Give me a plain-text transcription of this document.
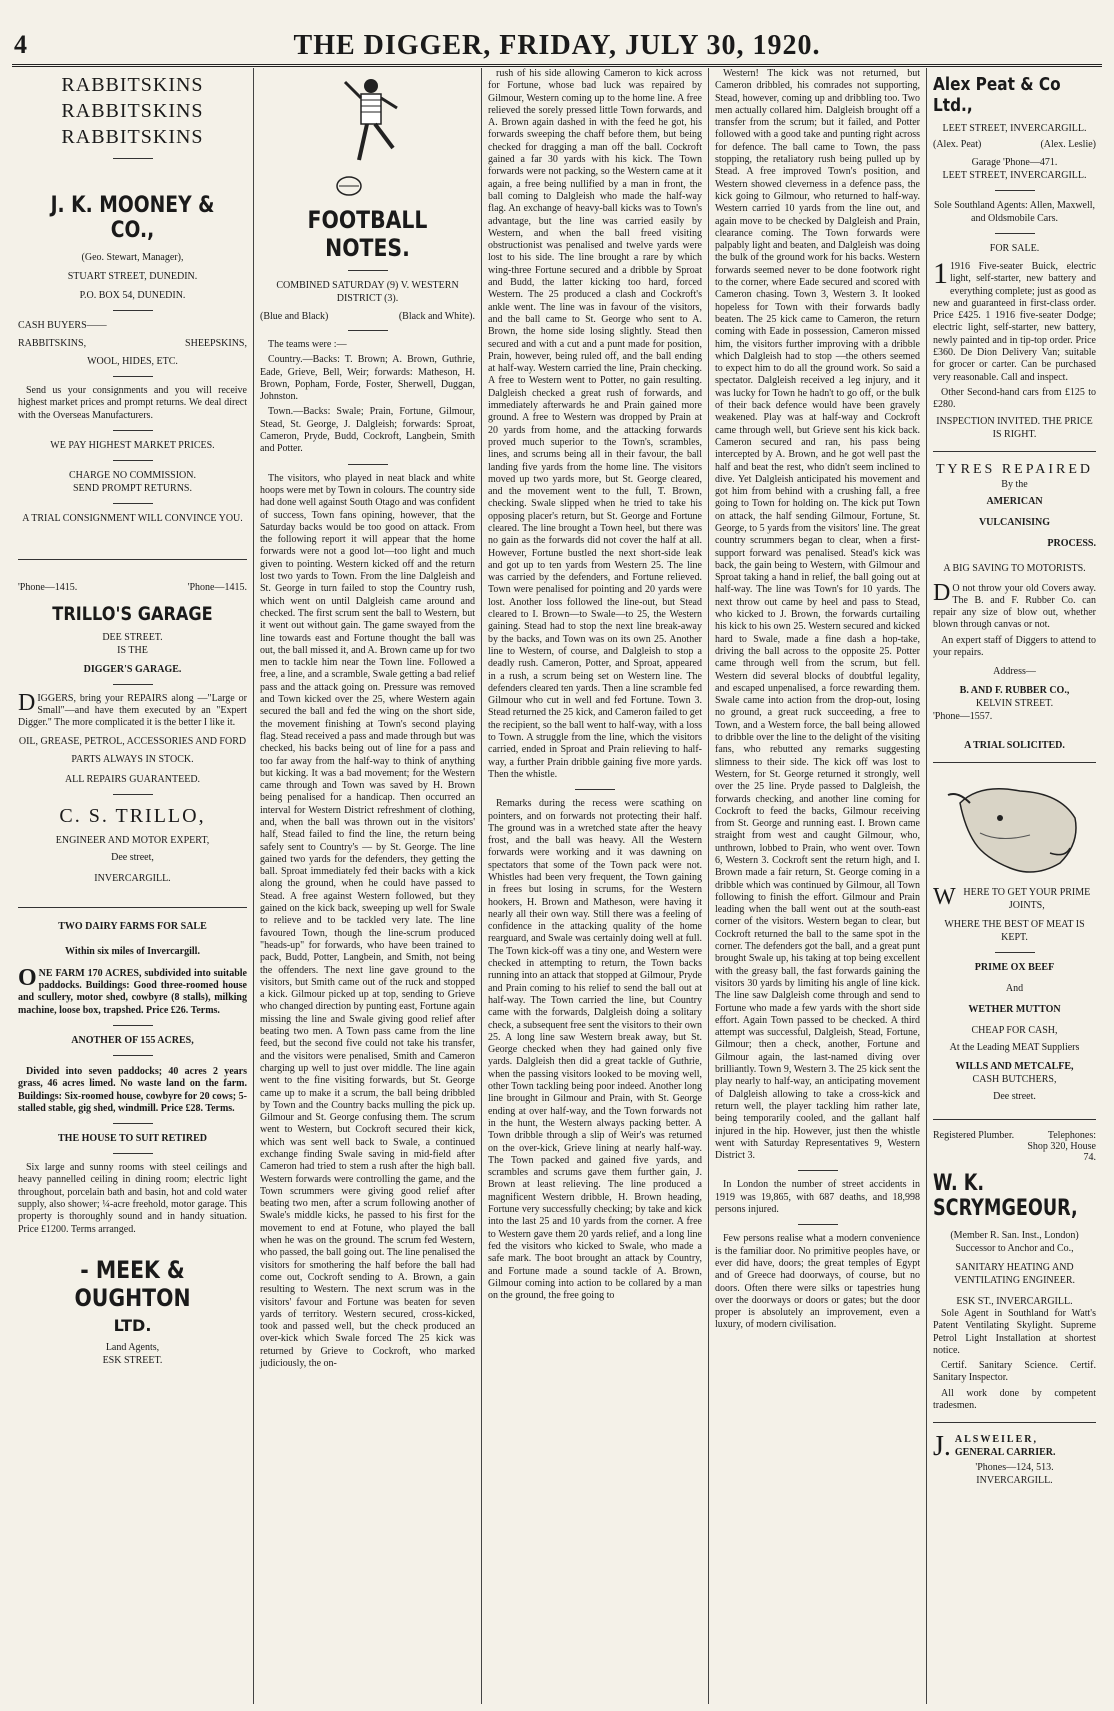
4	THE DIGGER, FRIDAY, JULY 30, 1920.
RABBITSKINS
RABBITSKINS
RABBITSKINS
J. K. MOONEY & CO.,
(Geo. Stewart, Manager),
STUART STREET, DUNEDIN.
P.O. BOX 54, DUNEDIN.
CASH BUYERS——
RABBITSKINS,	SHEEPSKINS,
WOOL, HIDES, ETC.

Send us your consignments and you will receive highest market prices and prompt returns. We deal direct with the Overseas Manufacturers.

WE PAY HIGHEST MARKET PRICES.
CHARGE NO COMMISSION.
SEND PROMPT RETURNS.
A TRIAL CONSIGNMENT WILL CONVINCE YOU.
'Phone—1415.	'Phone—1415.
TRILLO'S GARAGE
DEE STREET.
IS THE
DIGGER'S GARAGE.

DIGGERS, bring your REPAIRS along —"Large or Small"—and have them executed by an "Expert Digger." The more complicated it is the better I like it.

OIL, GREASE, PETROL, ACCESSORIES AND FORD PARTS ALWAYS IN STOCK.
ALL REPAIRS GUARANTEED.
C. S. TRILLO,
ENGINEER AND MOTOR EXPERT,
Dee street,
INVERCARGILL.
TWO DAIRY FARMS FOR SALE
Within six miles of Invercargill.

ONE FARM 170 ACRES, subdivided into suitable paddocks. Buildings: Good three-roomed house and scullery, motor shed, cowbyre (8 stalls), milking machine, loose box, trapshed. Price £26. Terms.

ANOTHER OF 155 ACRES,

Divided into seven paddocks; 40 acres 2 years grass, 46 acres limed. No waste land on the farm. Buildings: Six-roomed house, cowbyre for 20 cows; 5-stalled stable, gig shed, windmill. Price £28. Terms.

THE HOUSE TO SUIT RETIRED

Six large and sunny rooms with steel ceilings and heavy pannelled ceiling in dining room; electric light throughout, porcelain bath and basin, hot and cold water supply, also shower; ¼-acre freehold, motor garage. This property is thoroughly sound and in handy situation. Price £1200. Terms arranged.

- MEEK & OUGHTON
LTD.
Land Agents,
ESK STREET.
FOOTBALL NOTES.
COMBINED SATURDAY (9) V. WESTERN DISTRICT (3).
(Blue and Black)	(Black and White).

The teams were :—

Country.—Backs: T. Brown; A. Brown, Guthrie, Eade, Grieve, Bell, Weir; forwards: Matheson, H. Brown, Popham, Forde, Foster, Sherwell, Duggan, Johnston.

Town.—Backs: Swale; Prain, Fortune, Gilmour, Stead, St. George, J. Dalgleish; forwards: Sproat, Cameron, Pryde, Budd, Cockroft, Langbein, Smith and Potter.

The visitors, who played in neat black and white hoops were met by Town in colours. The country side had done well against South Otago and was confident of success, Town fans opining, however, that the Saturday backs would be too good on attack. From the following report it will appear that the home forwards were not a good lot—too light and much given to pointing. Western kicked off and the return lost two yards to Town. From the line Dalgleish and St. George in turn failed to stop the Country rush, which went on until Dalgleish came around and checked. The first scrum sent the ball to Western, but it went out without gain. The game swayed from the line towards east and Fortune thought the ball was out, the ball missed it, and A. Brown came up for two men to tackle him near the Town line. Followed a free, a line, and a scramble, Swale getting a bad relief pass and the attack going on. Pressure was removed and Town kicked over the 25, where Western again secured the ball and fed the wing on the short side, the movement finishing at Town's second playing flag. Stead received a pass and made through but was checked, his backs being out of line for a pass and too far away from the half-way to think of anything but kicking. It was a bad movement; for the Western came through and Town was saved by H. Brown being penalised for a handicap. Then occurred an interval for Western District refreshment of clothing, and, when the ball was thrown out in the visitors' half, Stead failed to find the line, the return being safely sent to Country's — by St. George. The line gained two yards for the defenders, they getting the ball. Sproat immediately fed their backs with a kick along the ground, when he could have passed to Stead. A free against Western followed, but they gained on the kick back, sweeping up well for Swale to relieve and to be tackled very late. The line favoured Town, though the line-scrum produced "heads-up" for forwards, who have been trained to pack, Budd, Potter, Langbein, and Smith, not being the offenders. The next line gave ground to the visitors, but Smith came out of the ruck and stopped a kick. Gilmour picked up at top, sending to Grieve who changed direction by punting east, Fortune again missing the line and Swale giving good relief after beating two men. A Town pass came from the line feed, but the second five could not take his transfer, and the visitors were penalised, Smith and Cameron charging up well to just over middle. The line again went to the fine visiting forwards, but St. George came up to make it a scrum, the ball being dribbled by Town and the Country backs mulling the pick up. Gilmour and St. George confusing them. The scrum went to Western, but Cockroft secured their kick, which was sent well back to Swale, a continued exchange finding Swale saving in mid-field after Cameron had tried to stem a rush after the high ball. Western forwards were controlling the game, and the Town scrummers were giving good relief after beating two men, after a scrum following another of Swale's middle kicks, he passed to his first for the movement to end at Fotune, who played the ball when he was on the ground. The scrum fed Western, who passed, the ball going out. The line penalised the visitors for smothering the half before the ball had come out, Cockroft sending to A. Brown, a gain resulting to Western. The next scrum was in the visitors' favour and Fortune was beaten for seven yards of territory. Western secured, cross-kicked, took and passed well, but the check produced an over-kick which Swale forced The 25 kick was returned by Grieve to Cockroft, who marked judiciously, the on-

rush of his side allowing Cameron to kick across for Fortune, whose bad luck was repaired by Gilmour, Western coming up to the home line. A free relieved the sorely pressed little Town forwards, and A. Brown again dashed in with the feed he got, his forwards sweeping the chaff before them, but being checked for dragging a man off the ball. Cockroft gained a far 30 yards with his kick. The Town forwards were not packing, so the Western came at it again, a free being nullified by a man in front, the ball coming to Dalgleish who made the half-way flag. An exchange of heavy-ball kicks was to Town's advantage, but the line was carried easily by Western, and when the ball freed visiting obstructionist was penalised and twelve yards were lost to his side. The line brought a rare by which wing-three Fortune secured and a dribble by Sproat and Budd, the latter kicking too hard, forced Western. The 25 produced a clash and Cockroft's ankle went. The line was in favour of the visitors, and the ball came to St. George who sent to A. Brown, the home side losing slightly. Stead then secured and with a cut and a punt made for position, Prain, however, being ruled off, and the ball ending at half-way. Western carried the line, Prain checking. A free to Western went to Potter, no gain resulting. Dalgleish checked a great rush of forwards, and immediately afterwards he and Prain gained more ground. A free to Western was dropped by Prain at 20 yards from home, and the attacking forwards proved much superior to the Town's, scrambles, lines, and scrums being all in their favour, the ball landing five yards from the home line. The visitors moved up two yards more, but St. George cleared, and the movement went to the full, T. Brown, checking. Swale slipped when he tried to take his opposing placer's return, but St. George and Fortune cleared. The line brought a Town heel, but there was no gain as the forwards did not cover the half at all. However, Fortune bustled the next short-side leak and got up to ten yards from Western 25. The line was carried by the defenders, and Fortune relieved. Town were penalised for pointing and 20 yards were lost. Another loss followed the line-out, but Stead cleared to I. Brown—to Swale—to 25, the Western gaining. Stead had to stop the next line break-away by the backs, and Town was on its own 25. Another line to Western, of course, and Dalgleish to stop a deadly rush. Cameron, Potter, and Sproat, appeared in a rush, a scrum being set on Western line. The defenders cleared ten yards. Then a line scramble fed Gilmour who cut in well and fed Fortune. Town 3. Stead returned the 25 kick, and Cameron failed to get the recipient, so the ball went to half-way, with a loss to Town. A struggle from the line, which the visitors carried, ended in Sproat and Prain relieving to half-way, a further Prain dribble gaining five more yards. Then the whistle.

Remarks during the recess were scathing on pointers, and on forwards not protecting their half. The ground was in a wretched state after the heavy frost, and the ball was heavy. All the Western forwards were working and it was dawning on spectators that some of the Town pack were not. Whistles had been very frequent, the Town gaining in frees but losing in scrums, for the Western hookers, H. Brown and Matheson, were having it nearly all their own way. Still there was a feeling of confidence in the attacking quality of the home rearguard, and Swale was certainly doing well at full. The Town kick-off was a tiny one, and Western were checked in attempting to return, the Town backs running into an attack that stopped at Gilmour, Pryde and Prain coming to his relief to send the ball out at half-way. The Town carried the line, but Country came with the forwards, Dalgleish doing a solitary check, a subsequent free sent the visitors to their own 25. A long line saw Western break away, but St. George checked when they had gained only five yards. Dalgleish then did a great tackle of Guthrie, when the passing visitors looked to be moving well, other Town tackling being poor indeed. Another long line brought in Gilmour and Prain, with St. George ending at over half-way, and the Town forwards not in the hunt, the Western always packing better. A Town dribble through a slip of Weir's was returned on the over-kick, Grieve lining at nearly half-way. The Town packed and gained five yards, and scrambles and scrums gave them further gain, J. Brown at least relieving. The line produced a magnificent Western dribble, H. Brown heading, Fortune very successfully checking; by take and kick into the last 25 and 10 yards from the corner. A free to Western gave them 20 yards relief, and a long line fed the visitors who kicked to Swale, who made a safe mark. The boot brought an attack by Country, and Fortune made a sound tackle of A. Brown, Gilmour coming into action to be collared by a man on the ground, the free going to

Western! The kick was not returned, but Cameron dribbled, his comrades not supporting, Stead, however, coming up and dribbling too. Two men actually collared him. Dalgleish brought off a transfer from the scrum; but it failed, and Potter followed with a good take and punting right across for defence. The ball came to Town, the pass stopping, the retaliatory rush being pulled up by Stead. A free improved Town's position, and Western showed cleverness in a defence pass, the kick going to Gilmour, who returned to half-way. Western carried 10 yards from the line out, and again move to be checked by Dalgleish and Prain, clearance coming. The Town forwards were palpably light and beaten, and Dalgleish was doing the bulk of the ground work for his backs. Western forwards seemed never to be done footwork right to the corner, where Eade secured and scored with Cameron chasing. Town 3, Western 3. It looked hopeless for Town with their forwards badly beaten. The 25 kick came to Cameron, the return coming with Eade in possession, Cameron missed him, the visitors further improving with a dribble which Dalgleish had to stop —the others seemed to expect him to do all the ground work. So said a spectator. Dalgleish received a leg injury, and it was lucky for Town he hadn't to go off, or the bulk of their back defence would have been gravely weakened. Play was at half-way and Cockroft came through well, but Grieve sent his kick back. Cameron secured and ran, his pass being intercepted by A. Brown, and he got well past the half and beat the rest, who didn't seem inclined to dive. Yet Dalgleish anticipated his movement and got him from behind with a crushing fall, a free going to Town for holding on. The kick put Town on attack, the half sending Gilmour, Fortune, St. George, to 5 yards from the visitors' line. The great country scrummers began to clear, when a first-support forward was penalised. Stead's kick was back, the gain being to Western, with Gilmour and Sproat taking a hand in relief, the ball going out at half-way. The line was Town's for 10 yards. The next throw out came by heel and pass to Stead, who kicked to J. Brown, the forwards curtailing his kick to his own 25. Western secured and kicked hard to Swale, made a fine dash a hop-take, driving the ball across to the opposite 25. Potter came through well from the scrum, but fell. Western did several blocks of doubtful legality, and escaped unpenalised, a force rewarding them. Swale came into action from the drop-out, losing no ground, a great ruck succeeding, a free to Town, and a Western force, the ball being allowed to dribble over the line to the delight of the visiting fans, who rebutted any remarks suggesting slimness to their side. The kick off was lost to Western, for St. George returned it strongly, well over the 25 line. Pryde passed to Dalgleish, the forwards checking, and another line coming for Cockroft to feed the backs, Gilmour receiving from St. George and running east. I. Brown came straight from west and caught Gilmour, who, unthrown, lobbed to Prain, who went over. Town 6, Western 3. Cockroft sent the return high, and I. Brown made a fair return, St. George coming in a dribble which was continued by Gilmour, all Town following to finish the effort. Gilmour and Prain leading when the ball went out at the south-east corner of the visitors. Western began to clear, but Cockroft returned the ball to the same spot in the corner. The defenders got the ball, and a great punt brought Swale up, his taking at top being excellent with the greasy ball, the fast forwards gaining the visitors 30 yards by limiting his angle of line kick. The line saw Dalgleish come through and send to Fortune who made a few yards with the short side effort. Again Town passed to be checked. A third attempt was successful, Dalgleish, Stead, Fortune, Gilmour; then a check, another, Fortune and Gilmour again, the last-named diving over brilliantly. Town 9, Western 3. The 25 kick sent the play nearly to half-way, an anticipating movement of Dalgleish allowing to take a cross-kick and return well, the player tackling him rather late, being temporarily cooled, and the gallant half injured in the hip. However, just then the whistle went with Saturday Representatives 9, Western District 3.

In London the number of street accidents in 1919 was 19,865, with 687 deaths, and 18,998 persons injured.

Few persons realise what a modern convenience is the familiar door. No primitive peoples have, or ever did have, doors; the great temples of Egypt and of Greece had doorways, of course, but no doors. Often there were silks or tapestries hung over the doorways or doors or gates; but the door proper is absolutely an improvement, even a luxury, of modern civilisation.

Alex Peat & Co Ltd.,
LEET STREET, INVERCARGILL.
(Alex. Peat)	(Alex. Leslie)
Garage 'Phone—471.
LEET STREET, INVERCARGILL.
Sole Southland Agents: Allen, Maxwell, and Oldsmobile Cars.
FOR SALE.

1 1916 Five-seater Buick, electric light, self-starter, new battery and everything complete; just as good as new and guaranteed in first-class order. Price £425. 1 1916 five-seater Dodge; electric light, self-starter, new battery, newly painted and in tip-top order. Price £360. De Dion Delivery Van; suitable for grocer or carter. Can be purchased very reasonable. Call and inspect.

Other Second-hand cars from £125 to £280.

INSPECTION INVITED. THE PRICE IS RIGHT.
TYRES REPAIRED
By the
AMERICAN
VULCANISING
PROCESS.
A BIG SAVING TO MOTORISTS.

D O not throw your old Covers away. The B. and F. Rubber Co. can repair any size of blow out, whether blown through canvas or not.

An expert staff of Diggers to attend to your repairs.

Address—
B. AND F. RUBBER CO.,
KELVIN STREET.
'Phone—1557.
A TRIAL SOLICITED.

WHERE TO GET YOUR PRIME JOINTS,

WHERE THE BEST OF MEAT IS KEPT.
PRIME OX BEEF
And
WETHER MUTTON
CHEAP FOR CASH,
At the Leading MEAT Suppliers
WILLS AND METCALFE,
CASH BUTCHERS,
Dee street.
Registered Plumber.	Telephones: Shop 320, House 74.
W. K. SCRYMGEOUR,
(Member R. San. Inst., London) Successor to Anchor and Co.,
SANITARY HEATING AND VENTILATING ENGINEER.
ESK ST., INVERCARGILL.

Sole Agent in Southland for Watt's Patent Ventilating Skylight. Supreme Petrol Light Installation at shortest notice.

Certif. Sanitary Science. Certif. Sanitary Inspector.

All work done by competent tradesmen.

J. ALSWEILER,
GENERAL CARRIER.
'Phones—124, 513.
INVERCARGILL.
